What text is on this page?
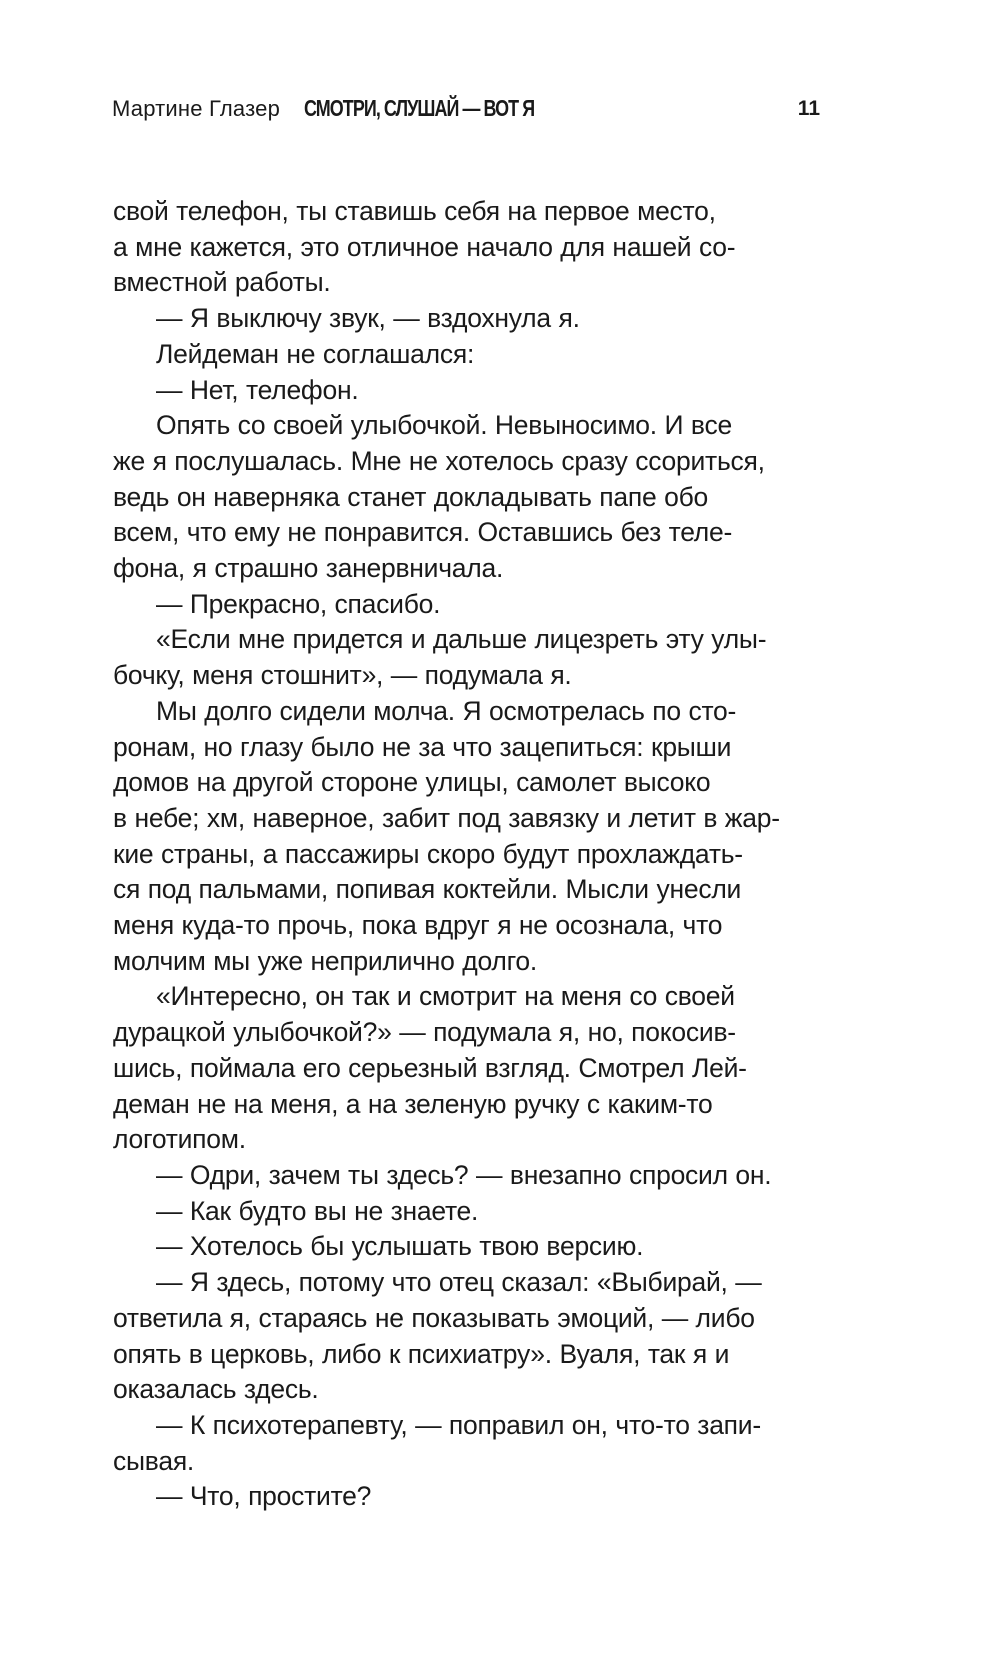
Мартине Глазер СМОТРИ, СЛУШАЙ — ВОТ Я	11

свой телефон, ты ставишь себя на первое место,
а мне кажется, это отличное начало для нашей со-
вместной работы.

— Я выключу звук, — вздохнула я.

Лейдеман не соглашался:

— Нет, телефон.

Опять со своей улыбочкой. Невыносимо. И все
же я послушалась. Мне не хотелось сразу ссориться,
ведь он наверняка станет докладывать папе обо
всем, что ему не понравится. Оставшись без теле-
фона, я страшно занервничала.

— Прекрасно, спасибо.

«Если мне придется и дальше лицезреть эту улы-
бочку, меня стошнит», — подумала я.

Мы долго сидели молча. Я осмотрелась по сто-
ронам, но глазу было не за что зацепиться: крыши
домов на другой стороне улицы, самолет высоко
в небе; хм, наверное, забит под завязку и летит в жар-
кие страны, а пассажиры скоро будут прохлаждать-
ся под пальмами, попивая коктейли. Мысли унесли
меня куда-то прочь, пока вдруг я не осознала, что
молчим мы уже неприлично долго.

«Интересно, он так и смотрит на меня со своей
дурацкой улыбочкой?» — подумала я, но, покосив-
шись, поймала его серьезный взгляд. Смотрел Лей-
деман не на меня, а на зеленую ручку с каким-то
логотипом.

— Одри, зачем ты здесь? — внезапно спросил он.

— Как будто вы не знаете.

— Хотелось бы услышать твою версию.

— Я здесь, потому что отец сказал: «Выбирай, —
ответила я, стараясь не показывать эмоций, — либо
опять в церковь, либо к психиатру». Вуаля, так я и
оказалась здесь.

— К психотерапевту, — поправил он, что-то запи-
сывая.

— Что, простите?
